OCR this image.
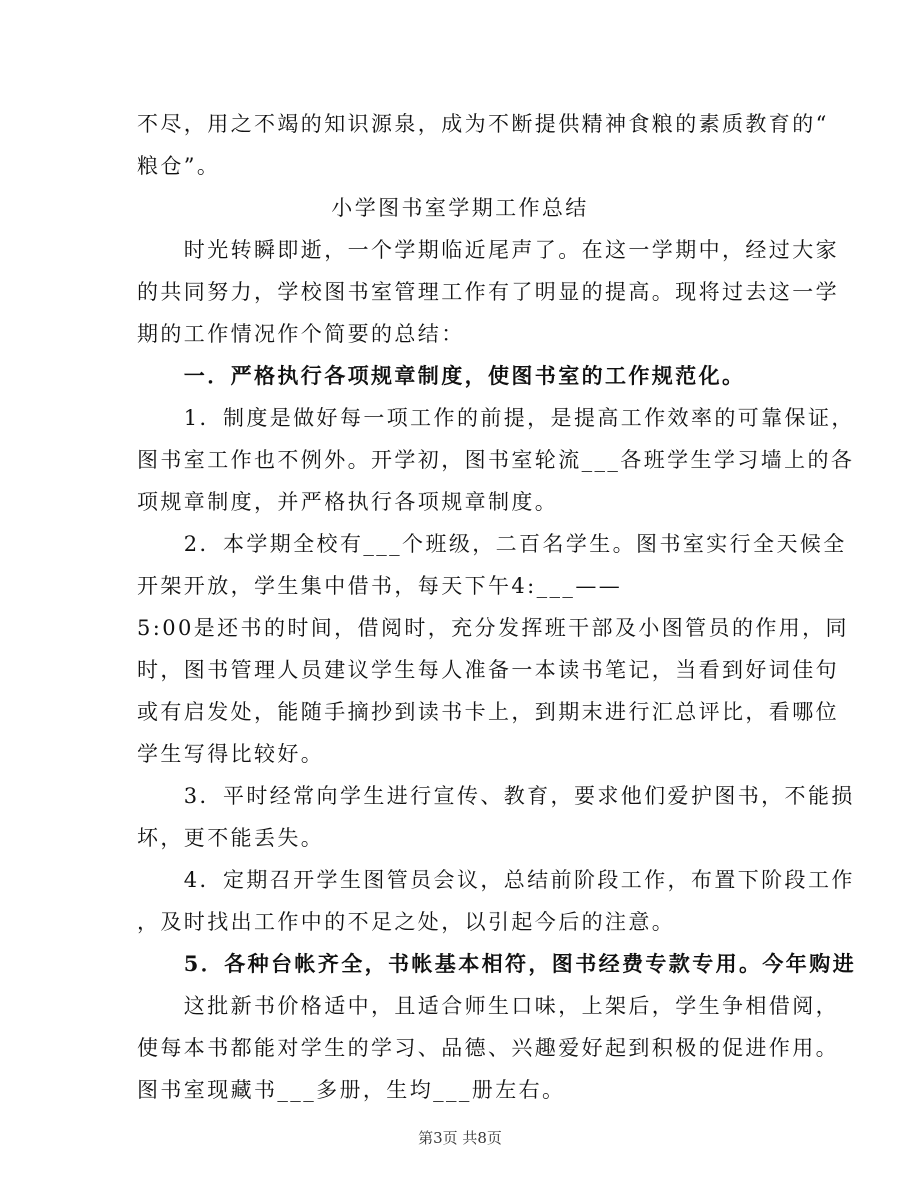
不尽，用之不竭的知识源泉，成为不断提供精神食粮的素质教育的“
粮仓”。
小学图书室学期工作总结
　　时光转瞬即逝，一个学期临近尾声了。在这一学期中，经过大家
的共同努力，学校图书室管理工作有了明显的提高。现将过去这一学
期的工作情况作个简要的总结：
　　一．严格执行各项规章制度，使图书室的工作规范化。
　　1．制度是做好每一项工作的前提，是提高工作效率的可靠保证，
图书室工作也不例外。开学初，图书室轮流___各班学生学习墙上的各
项规章制度，并严格执行各项规章制度。
　　2．本学期全校有___个班级，二百名学生。图书室实行全天候全
开架开放，学生集中借书，每天下午4:___——
5:00是还书的时间，借阅时，充分发挥班干部及小图管员的作用，同
时，图书管理人员建议学生每人准备一本读书笔记，当看到好词佳句
或有启发处，能随手摘抄到读书卡上，到期末进行汇总评比，看哪位
学生写得比较好。
　　3．平时经常向学生进行宣传、教育，要求他们爱护图书，不能损
坏，更不能丢失。
　　4．定期召开学生图管员会议，总结前阶段工作，布置下阶段工作
，及时找出工作中的不足之处，以引起今后的注意。
　　5．各种台帐齐全，书帐基本相符，图书经费专款专用。今年购进
　　这批新书价格适中，且适合师生口味，上架后，学生争相借阅，
使每本书都能对学生的学习、品德、兴趣爱好起到积极的促进作用。
图书室现藏书___多册，生均___册左右。
第3页 共8页
